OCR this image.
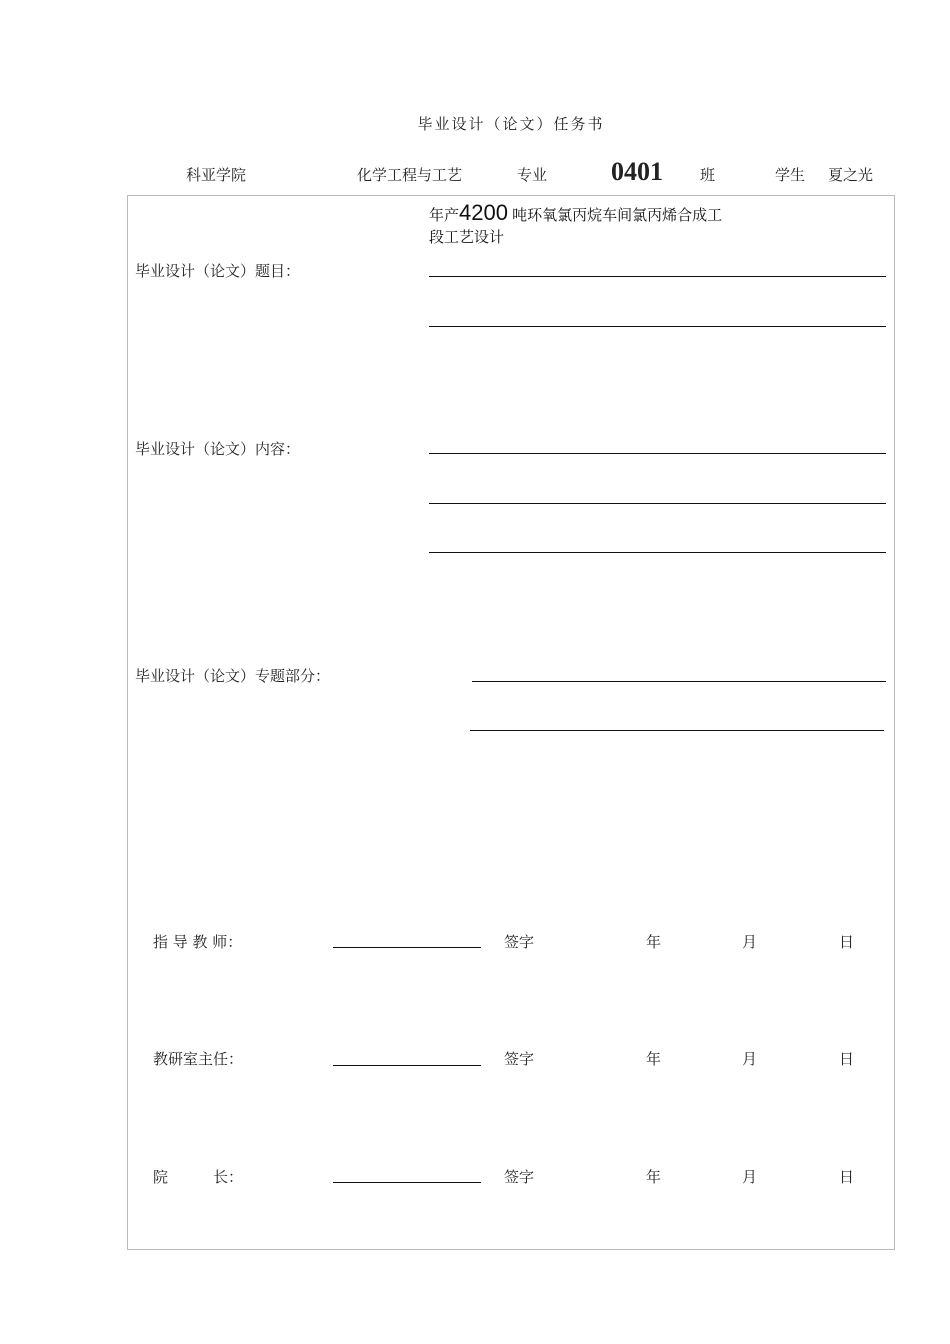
毕业设计（论文）任务书
科亚学院	化学工程与工艺	专业 0401 班	学生 夏之光
年产4200 吨环氧氯丙烷车间氯丙烯合成工
段工艺设计
毕业设计（论文）题目：
毕业设计（论文）内容：
毕业设计（论文）专题部分：
指 导 教 师：	签字	年	月	日
教研室主任：	签字	年	月	日
院　　　长：	签字	年	月	日
